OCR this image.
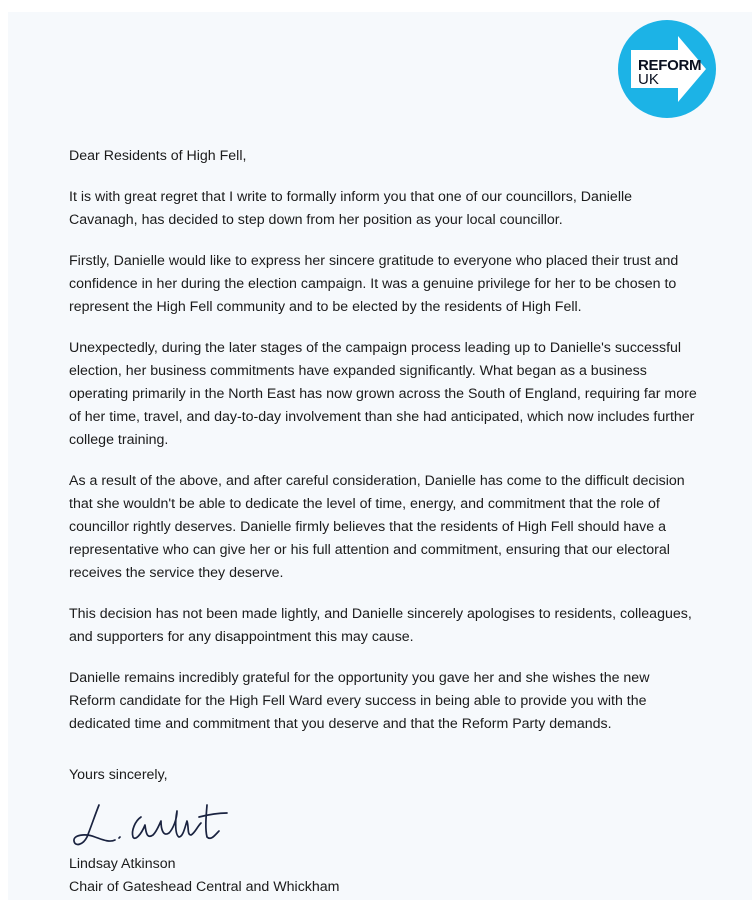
REFORM
UK

Dear Residents of High Fell,

It is with great regret that I write to formally inform you that one of our councillors, Danielle Cavanagh, has decided to step down from her position as your local councillor.

Firstly, Danielle would like to express her sincere gratitude to everyone who placed their trust and confidence in her during the election campaign. It was a genuine privilege for her to be chosen to represent the High Fell community and to be elected by the residents of High Fell.

Unexpectedly, during the later stages of the campaign process leading up to Danielle's successful election, her business commitments have expanded significantly. What began as a business operating primarily in the North East has now grown across the South of England, requiring far more of her time, travel, and day-to-day involvement than she had anticipated, which now includes further college training.

As a result of the above, and after careful consideration, Danielle has come to the difficult decision that she wouldn't be able to dedicate the level of time, energy, and commitment that the role of councillor rightly deserves. Danielle firmly believes that the residents of High Fell should have a representative who can give her or his full attention and commitment, ensuring that our electoral receives the service they deserve.

This decision has not been made lightly, and Danielle sincerely apologises to residents, colleagues, and supporters for any disappointment this may cause.

Danielle remains incredibly grateful for the opportunity you gave her and she wishes the new Reform candidate for the High Fell Ward every success in being able to provide you with the dedicated time and commitment that you deserve and that the Reform Party demands.

Yours sincerely,
Lindsay Atkinson
Chair of Gateshead Central and Whickham
